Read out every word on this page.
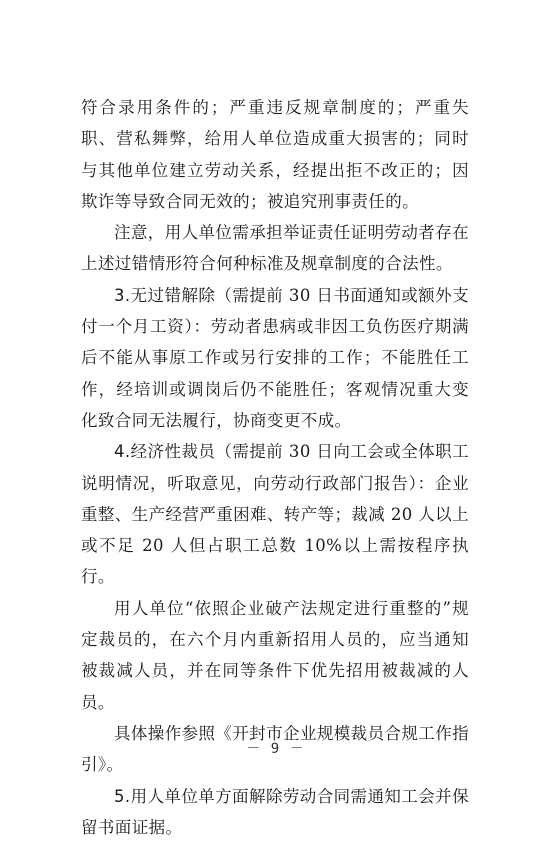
符合录用条件的；严重违反规章制度的；严重失职、营私舞弊，给用人单位造成重大损害的；同时与其他单位建立劳动关系，经提出拒不改正的；因欺诈等导致合同无效的；被追究刑事责任的。

注意，用人单位需承担举证责任证明劳动者存在上述过错情形符合何种标准及规章制度的合法性。

3.无过错解除（需提前 30 日书面通知或额外支付一个月工资）：劳动者患病或非因工负伤医疗期满后不能从事原工作或另行安排的工作；不能胜任工作，经培训或调岗后仍不能胜任；客观情况重大变化致合同无法履行，协商变更不成。

4.经济性裁员（需提前 30 日向工会或全体职工说明情况，听取意见，向劳动行政部门报告）：企业重整、生产经营严重困难、转产等；裁减 20 人以上或不足 20 人但占职工总数 10%以上需按程序执行。

用人单位“依照企业破产法规定进行重整的”规定裁员的，在六个月内重新招用人员的，应当通知被裁减人员，并在同等条件下优先招用被裁减的人员。

具体操作参照《开封市企业规模裁员合规工作指引》。

5.用人单位单方面解除劳动合同需通知工会并保留书面证据。

－ 9 －
